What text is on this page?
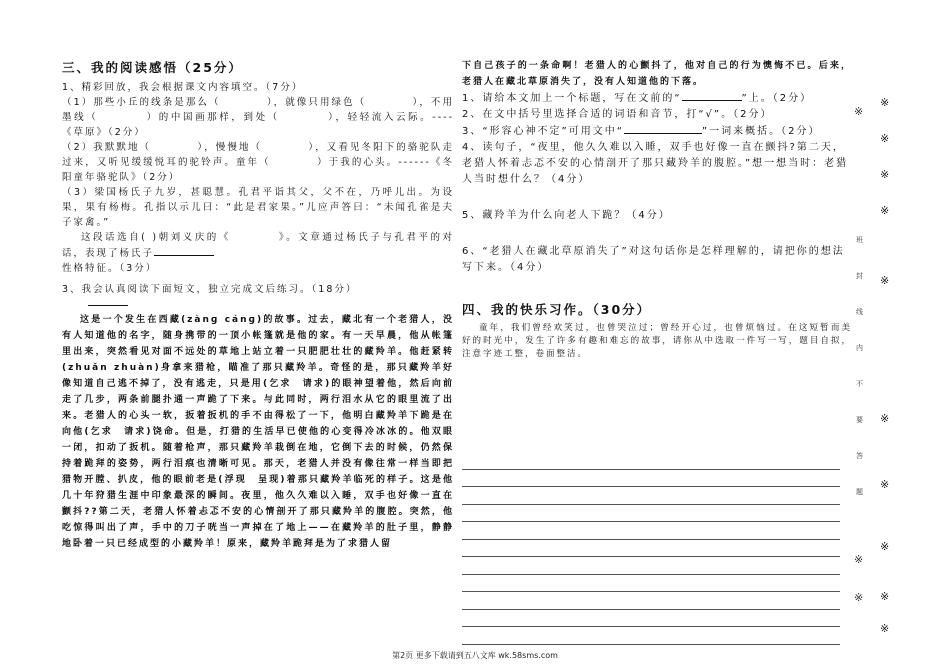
三、我的阅读感悟（25分）

1、精彩回放，我会根据课文内容填空。（7分）

（1）那些小丘的线条是那么（　　　　），就像只用绿色（　　　　），不用墨线（　　　　）的中国画那样，到处（　　　　），轻轻流入云际。----《草原》（2分）

（2）我默默地（　　　　），慢慢地（　　　　），又看见冬阳下的骆驼队走过来，又听见缓缓悦耳的驼铃声。童年（　　　　）于我的心头。------《冬阳童年骆驼队》（2分）

（3）梁国杨氏子九岁，甚聪慧。孔君平诣其父，父不在，乃呼儿出。为设果，果有杨梅。孔指以示儿曰：“此是君家果。”儿应声答曰：“未闻孔雀是夫子家禽。”

这段话选自( )朝刘义庆的《　　　　》。文章通过杨氏子与孔君平的对话，表现了杨氏子

性格特征。（3分）

3、我会认真阅读下面短文，独立完成文后练习。（18分）

这是一个发生在西藏(zànɡ cánɡ)的故事。过去，藏北有一个老猎人，没有人知道他的名字，随身携带的一顶小帐篷就是他的家。有一天早晨，他从帐篷里出来，突然看见对面不远处的草地上站立着一只肥肥壮壮的藏羚羊。他赶紧转(zhuǎn zhuàn)身拿来猎枪，瞄准了那只藏羚羊。奇怪的是，那只藏羚羊好像知道自己逃不掉了，没有逃走，只是用(乞求　请求)的眼神望着他，然后向前走了几步，两条前腿扑通一声跪了下来。与此同时，两行泪水从它的眼里流了出来。老猎人的心头一软，扳着扳机的手不由得松了一下，他明白藏羚羊下跪是在向他(乞求　请求)饶命。但是，打猎的生活早已使他的心变得冷冰冰的。他双眼一闭，扣动了扳机。随着枪声，那只藏羚羊栽倒在地，它倒下去的时候，仍然保持着跪拜的姿势，两行泪痕也清晰可见。那天，老猎人并没有像往常一样当即把猎物开膛、扒皮，他的眼前老是(浮现　呈现)着那只藏羚羊临死的样子。这是他几十年狩猎生涯中印象最深的瞬间。夜里，他久久难以入睡，双手也好像一直在颤抖??第二天，老猎人怀着忐忑不安的心情剖开了那只藏羚羊的腹腔。突然，他吃惊得叫出了声，手中的刀子咣当一声掉在了地上——在藏羚羊的肚子里，静静地卧着一只已经成型的小藏羚羊！原来，藏羚羊跪拜是为了求猎人留

下自己孩子的一条命啊！老猎人的心颤抖了，他对自己的行为懊悔不已。后来，老猎人在藏北草原消失了，没有人知道他的下落。

1、请给本文加上一个标题，写在文前的“	”上。（2分）

2、在文中括号里选择合适的词语和音节，打“√”。（2分）

3、“形容心神不定”可用文中“	”一词来概括。（2分）

4、读句子，“夜里，他久久难以入睡，双手也好像一直在颤抖?第二天，老猎人怀着忐忑不安的心情剖开了那只藏羚羊的腹腔。”想一想当时：老猎人当时想什么？（4分）

5、藏羚羊为什么向老人下跪？（4分）

6、“老猎人在藏北草原消失了”对这句话你是怎样理解的，请把你的想法写下来。（4分）

四、我的快乐习作。（30分）

童年，我们曾经欢笑过，也曾哭泣过；曾经开心过，也曾烦恼过。在这短暂而美好的时光中，发生了许多有趣和难忘的故事，请你从中选取一件写一写，题目自拟，注意字迹工整，卷面整洁。

※
班
封
线
内
不
要
答
题
※
※
※
※
※
※
※
※
※
※
※
※
第2页 更多下载请到五八文库 wk.58sms.com
